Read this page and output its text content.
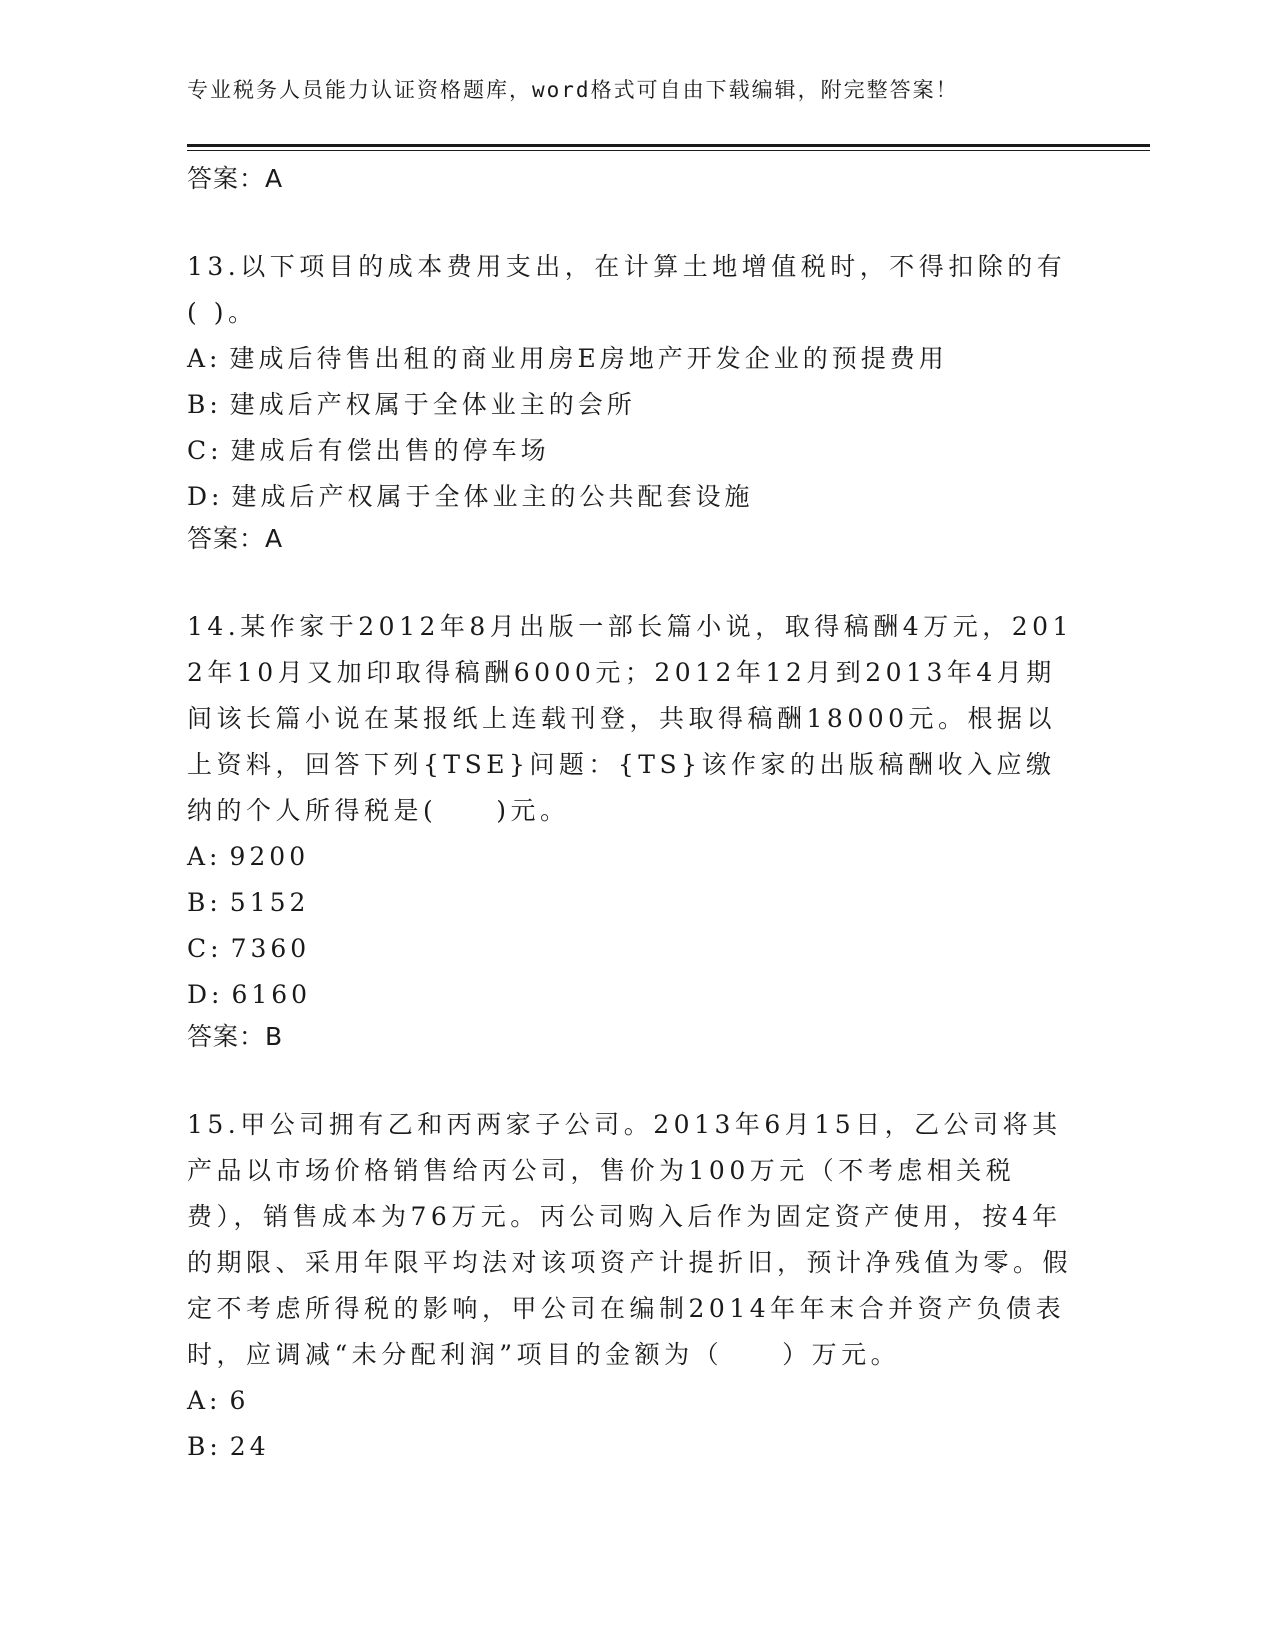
专业税务人员能力认证资格题库，word格式可自由下载编辑，附完整答案！
答案：A
13.以下项目的成本费用支出，在计算土地增值税时，不得扣除的有( )。
A: 建成后待售出租的商业用房E房地产开发企业的预提费用
B: 建成后产权属于全体业主的会所
C: 建成后有偿出售的停车场
D: 建成后产权属于全体业主的公共配套设施
答案：A
14.某作家于2012年8月出版一部长篇小说，取得稿酬4万元，2012年10月又加印取得稿酬6000元；2012年12月到2013年4月期间该长篇小说在某报纸上连载刊登，共取得稿酬18000元。根据以上资料，回答下列{TSE}问题：{TS}该作家的出版稿酬收入应缴纳的个人所得税是(　　)元。
A: 9200
B: 5152
C: 7360
D: 6160
答案：B
15.甲公司拥有乙和丙两家子公司。2013年6月15日，乙公司将其产品以市场价格销售给丙公司，售价为100万元（不考虑相关税费），销售成本为76万元。丙公司购入后作为固定资产使用，按4年的期限、采用年限平均法对该项资产计提折旧，预计净残值为零。假定不考虑所得税的影响，甲公司在编制2014年年末合并资产负债表时，应调减“未分配利润”项目的金额为（　　）万元。
A: 6
B: 24
